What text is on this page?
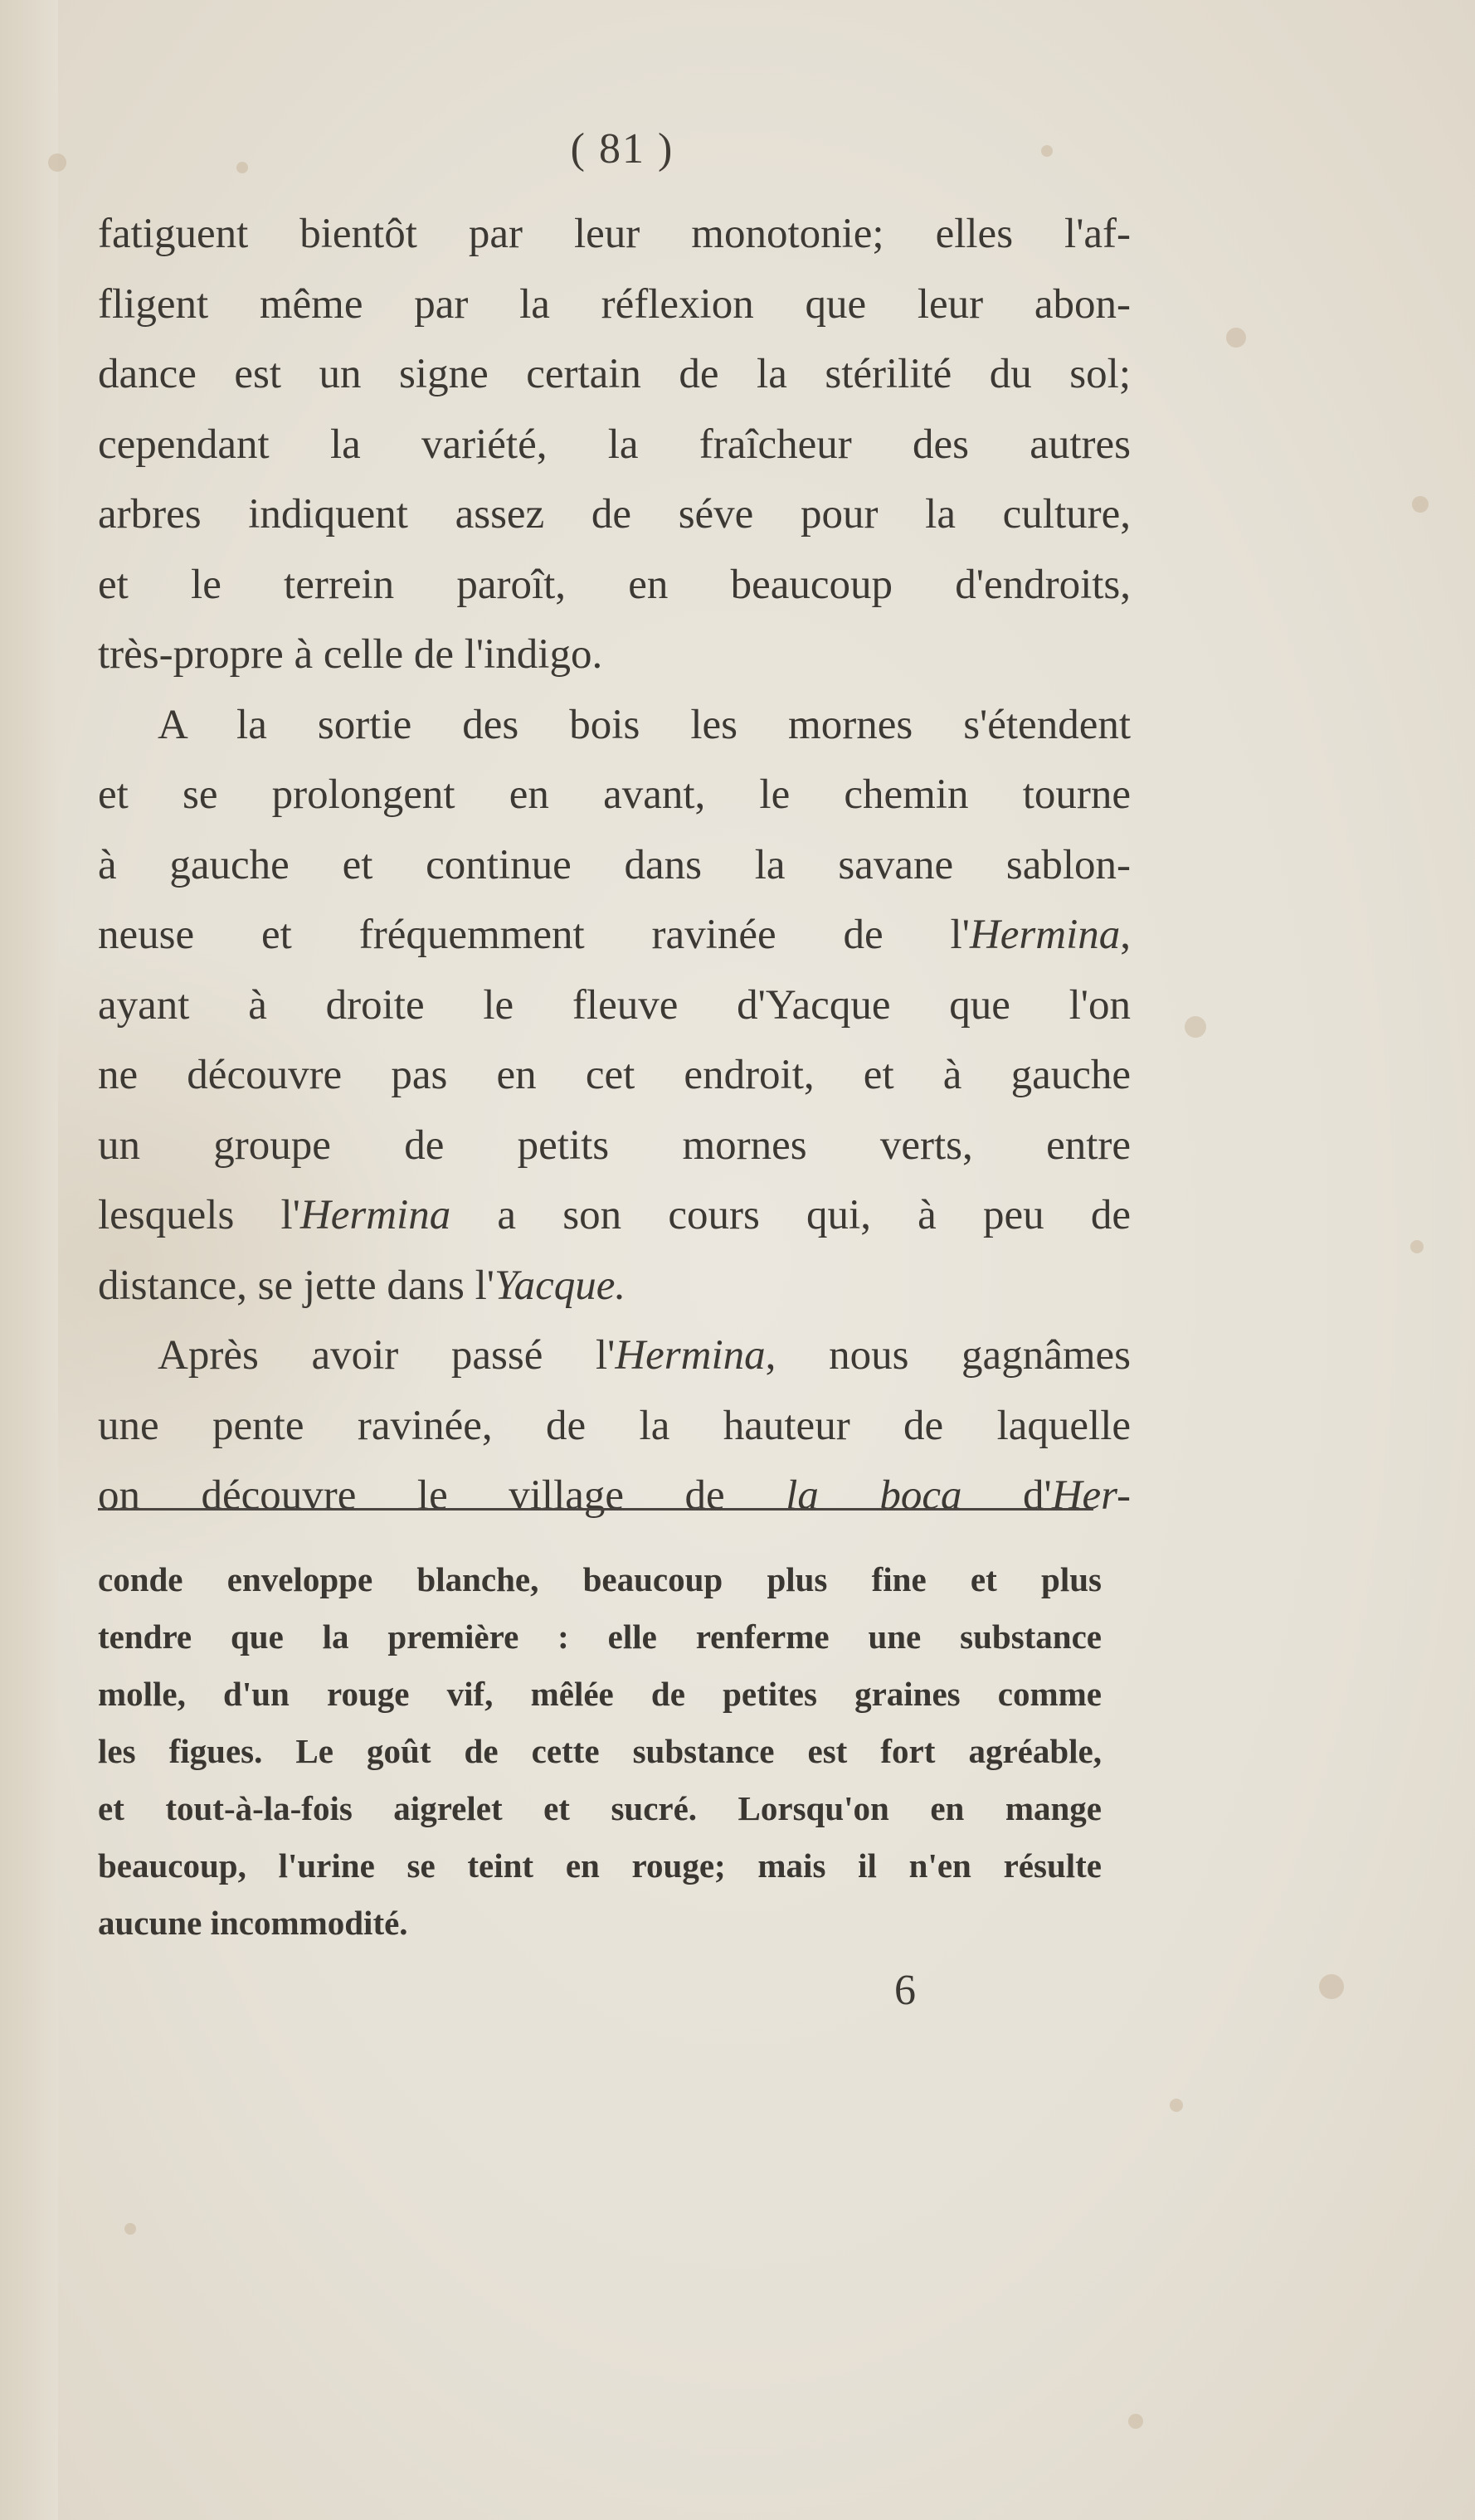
( 81 )

fatiguent bientôt par leur monotonie; elles l'af-

fligent même par la réflexion que leur abon-

dance est un signe certain de la stérilité du sol;

cependant la variété, la fraîcheur des autres

arbres indiquent assez de séve pour la culture,

et le terrein paroît, en beaucoup d'endroits,

très-propre à celle de l'indigo.

A la sortie des bois les mornes s'étendent

et se prolongent en avant, le chemin tourne

à gauche et continue dans la savane sablon-

neuse et fréquemment ravinée de l'Hermina,

ayant à droite le fleuve d'Yacque que l'on

ne découvre pas en cet endroit, et à gauche

un groupe de petits mornes verts, entre

lesquels l'Hermina a son cours qui, à peu de

distance, se jette dans l'Yacque.

Après avoir passé l'Hermina, nous gagnâmes

une pente ravinée, de la hauteur de laquelle

on découvre le village de la boca d'Her-

conde enveloppe blanche, beaucoup plus fine et plus

tendre que la première : elle renferme une substance

molle, d'un rouge vif, mêlée de petites graines comme

les figues. Le goût de cette substance est fort agréable,

et tout-à-la-fois aigrelet et sucré. Lorsqu'on en mange

beaucoup, l'urine se teint en rouge; mais il n'en résulte

aucune incommodité.

6
